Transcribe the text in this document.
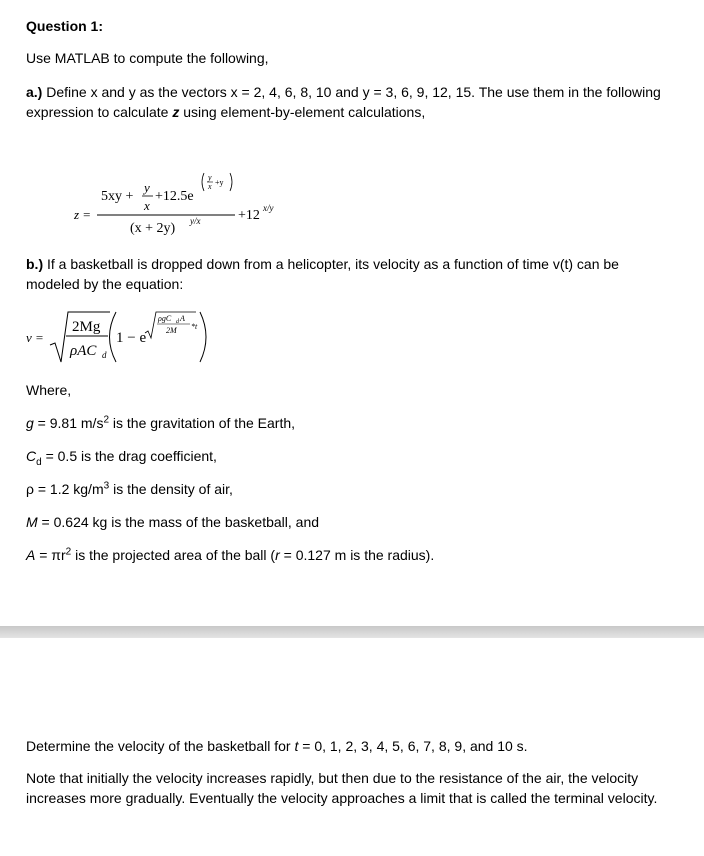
Question 1:

Use MATLAB to compute the following,

a.) Define x and y as the vectors x = 2, 4, 6, 8, 10 and y = 3, 6, 9, 12, 15. The use them in the following expression to calculate z using element-by-element calculations,

z =
5xy +
y
x
+12.5e
y
x +y
(x + 2y) y/x	+12 x/y

b.) If a basketball is dropped down from a helicopter, its velocity as a function of time v(t) can be modeled by the equation:

v =
2Mg
ρAC d
1 − e
ρgC d A
2M *t

Where,

g = 9.81 $m/s^2$ is the gravitation of the Earth,
$C_d = 0.5$ is the drag coefficient,
ρ = 1.2 $kg/m^3$ is the density of air,
M = 0.624 kg is the mass of the basketball, and
$A = \pi r^2$ is the projected area of the ball (r = 0.127 m is the radius).

Determine the velocity of the basketball for t = 0, 1, 2, 3, 4, 5, 6, 7, 8, 9, and 10 s.

Note that initially the velocity increases rapidly, but then due to the resistance of the air, the velocity increases more gradually. Eventually the velocity approaches a limit that is called the terminal velocity.
